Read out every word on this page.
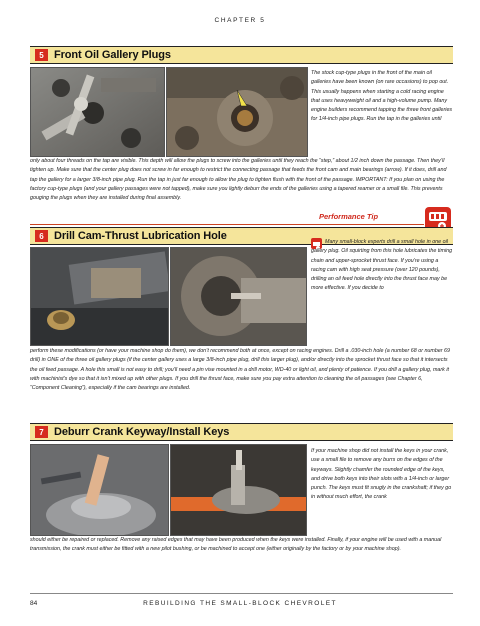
CHAPTER 5
5 Front Oil Gallery Plugs

The stock cup-type plugs in the front of the main oil galleries have been known (on rare occasions) to pop out. This usually happens when starting a cold racing engine that uses heavyweight oil and a high-volume pump. Many engine builders recommend tapping the three front galleries for 1/4-inch pipe plugs. Run the tap in the galleries until

only about four threads on the tap are visible. This depth will allow the plugs to screw into the galleries until they reach the “step,” about 1/2 inch down the passage. Then they’ll tighten up. Make sure that the center plug does not screw in far enough to restrict the connecting passage that feeds the front cam and main bearings (arrow). If it does, drill and tap the gallery for a larger 3/8-inch pipe plug. Run the tap in just far enough to allow the plug to tighten flush with the front of the passage. IMPORTANT: If you plan on using the factory cup-type plugs (and your gallery passages were not tapped), make sure you lightly deburr the ends of the galleries using a tapered reamer or a small file. This prevents gouging the plugs when they are installed during final assembly.

Performance Tip
6 Drill Cam-Thrust Lubrication Hole	Many small-block experts drill a small hole in one oil gallery plug. Oil squirting from this hole lubricates the timing chain and upper-sprocket thrust face. If you’re using a racing cam with high seat pressure (over 120 pounds), drilling an oil feed hole directly into the thrust face may be more effective. If you decide to

perform these modifications (or have your machine shop do them), we don’t recommend both at once, except on racing engines. Drill a .030-inch hole (a number 68 or number 69 drill) in ONE of the three oil gallery plugs (if the center gallery uses a large 3/8-inch pipe plug, drill this larger plug), and/or directly into the sprocket thrust face so that it intersects the oil feed passage. A hole this small is not easy to drill; you’ll need a pin vise mounted in a drill motor, WD-40 or light oil, and plenty of patience. If you drill a gallery plug, mark it with machinist’s dye so that it isn’t mixed up with other plugs. If you drill the thrust face, make sure you pay extra attention to cleaning the oil passages (see Chapter 6, “Component Cleaning”), especially if the cam bearings are installed.

7 Deburr Crank Keyway/Install Keys

If your machine shop did not install the keys in your crank, use a small file to remove any burrs on the edges of the keyways. Slightly chamfer the rounded edge of the keys, and drive both keys into their slots with a 1/4-inch or larger punch. The keys must fit snugly in the crankshaft; if they go in without much effort, the crank

should either be repaired or replaced. Remove any raised edges that may have been produced when the keys were installed. Finally, if your engine will be used with a manual transmission, the crank must either be fitted with a new pilot bushing, or be machined to accept one (either originally by the factory or by your machine shop).

84	REBUILDING THE SMALL-BLOCK CHEVROLET
